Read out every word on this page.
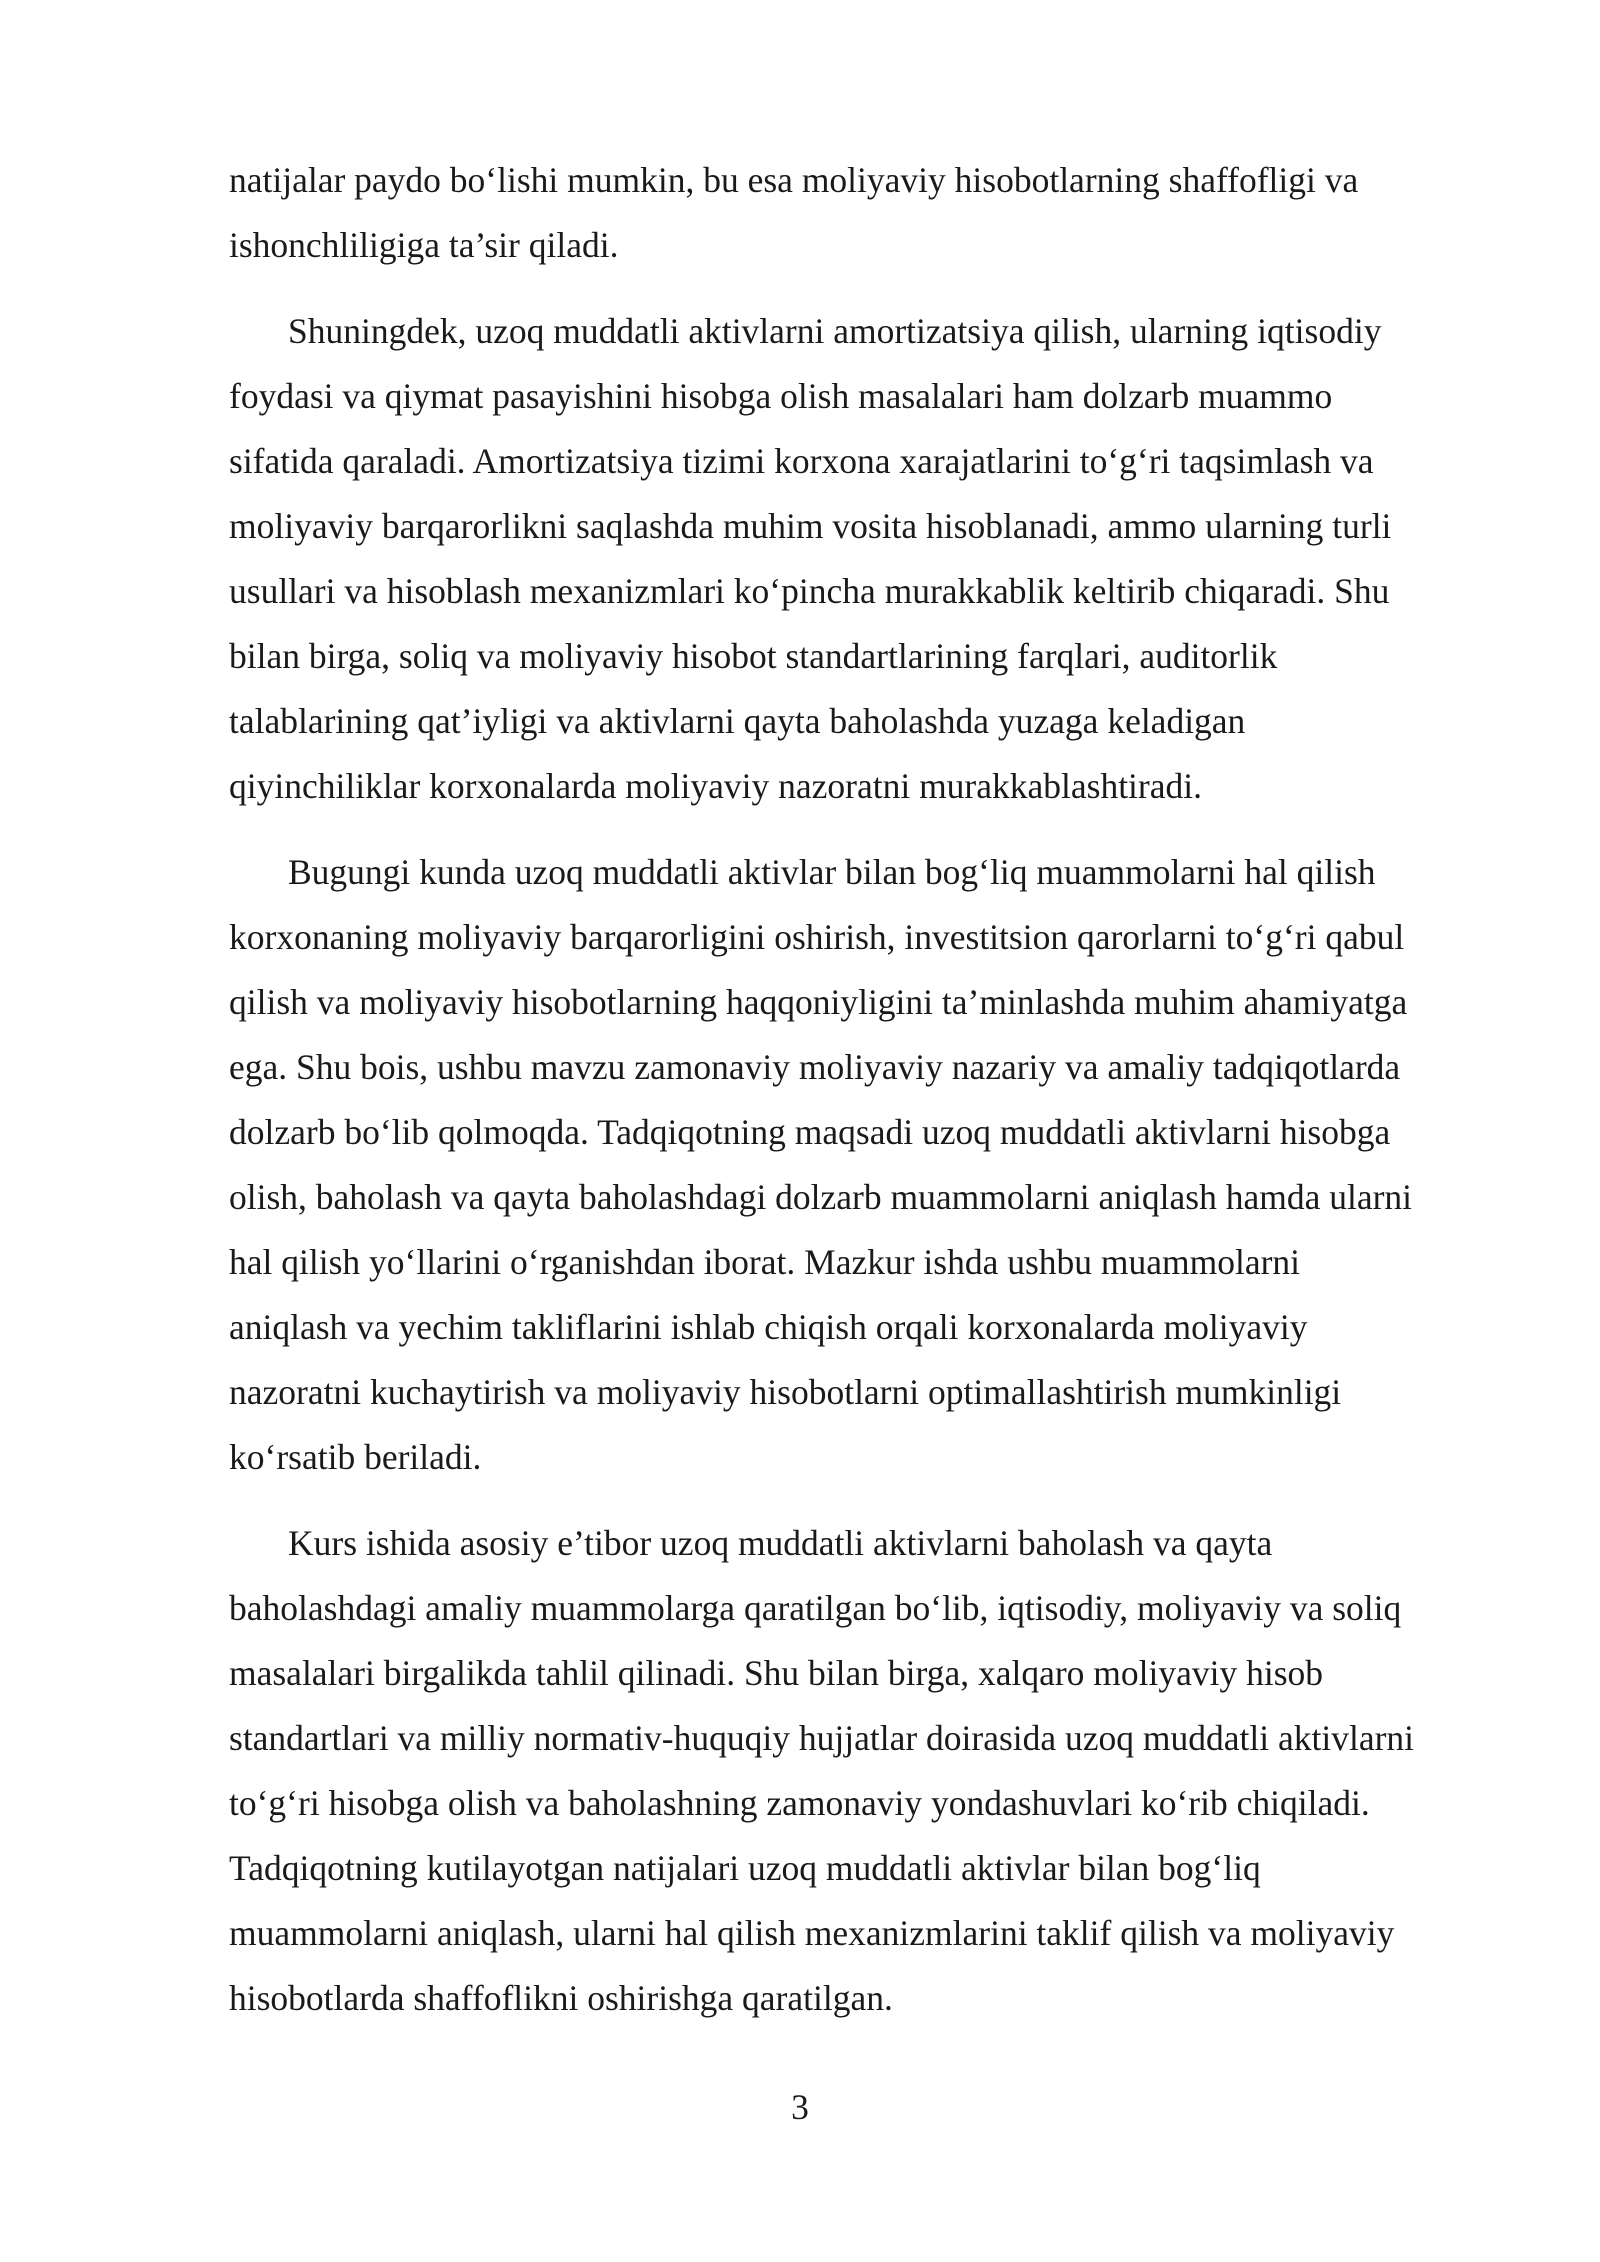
natijalar paydo bo‘lishi mumkin, bu esa moliyaviy hisobotlarning shaffofligi va
ishonchliligiga ta’sir qiladi.
Shuningdek, uzoq muddatli aktivlarni amortizatsiya qilish, ularning iqtisodiy
foydasi va qiymat pasayishini hisobga olish masalalari ham dolzarb muammo
sifatida qaraladi. Amortizatsiya tizimi korxona xarajatlarini to‘g‘ri taqsimlash va
moliyaviy barqarorlikni saqlashda muhim vosita hisoblanadi, ammo ularning turli
usullari va hisoblash mexanizmlari ko‘pincha murakkablik keltirib chiqaradi. Shu
bilan birga, soliq va moliyaviy hisobot standartlarining farqlari, auditorlik
talablarining qat’iyligi va aktivlarni qayta baholashda yuzaga keladigan
qiyinchiliklar korxonalarda moliyaviy nazoratni murakkablashtiradi.
Bugungi kunda uzoq muddatli aktivlar bilan bog‘liq muammolarni hal qilish
korxonaning moliyaviy barqarorligini oshirish, investitsion qarorlarni to‘g‘ri qabul
qilish va moliyaviy hisobotlarning haqqoniyligini ta’minlashda muhim ahamiyatga
ega. Shu bois, ushbu mavzu zamonaviy moliyaviy nazariy va amaliy tadqiqotlarda
dolzarb bo‘lib qolmoqda. Tadqiqotning maqsadi uzoq muddatli aktivlarni hisobga
olish, baholash va qayta baholashdagi dolzarb muammolarni aniqlash hamda ularni
hal qilish yo‘llarini o‘rganishdan iborat. Mazkur ishda ushbu muammolarni
aniqlash va yechim takliflarini ishlab chiqish orqali korxonalarda moliyaviy
nazoratni kuchaytirish va moliyaviy hisobotlarni optimallashtirish mumkinligi
ko‘rsatib beriladi.
Kurs ishida asosiy e’tibor uzoq muddatli aktivlarni baholash va qayta
baholashdagi amaliy muammolarga qaratilgan bo‘lib, iqtisodiy, moliyaviy va soliq
masalalari birgalikda tahlil qilinadi. Shu bilan birga, xalqaro moliyaviy hisob
standartlari va milliy normativ-huquqiy hujjatlar doirasida uzoq muddatli aktivlarni
to‘g‘ri hisobga olish va baholashning zamonaviy yondashuvlari ko‘rib chiqiladi.
Tadqiqotning kutilayotgan natijalari uzoq muddatli aktivlar bilan bog‘liq
muammolarni aniqlash, ularni hal qilish mexanizmlarini taklif qilish va moliyaviy
hisobotlarda shaffoflikni oshirishga qaratilgan.
3
